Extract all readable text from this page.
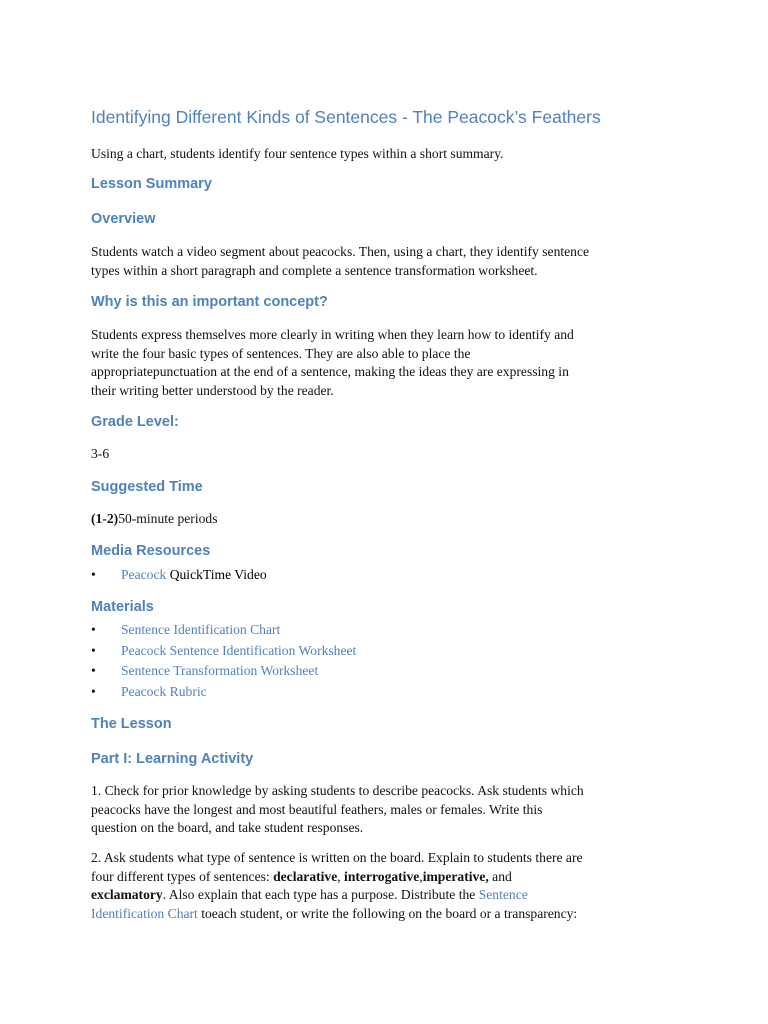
Identifying Different Kinds of Sentences - The Peacock’s Feathers
Using a chart, students identify four sentence types within a short summary.
Lesson Summary
Overview
Students watch a video segment about peacocks. Then, using a chart, they identify sentence
types within a short paragraph and complete a sentence transformation worksheet.
Why is this an important concept?
Students express themselves more clearly in writing when they learn how to identify and
write the four basic types of sentences. They are also able to place the
appropriatepunctuation at the end of a sentence, making the ideas they are expressing in
their writing better understood by the reader.
Grade Level:
3-6
Suggested Time
(1-2)50-minute periods
Media Resources
• Peacock QuickTime Video
Materials
• Sentence Identification Chart
• Peacock Sentence Identification Worksheet
• Sentence Transformation Worksheet
• Peacock Rubric
The Lesson
Part I: Learning Activity
1. Check for prior knowledge by asking students to describe peacocks. Ask students which
peacocks have the longest and most beautiful feathers, males or females. Write this
question on the board, and take student responses.
2. Ask students what type of sentence is written on the board. Explain to students there are
four different types of sentences: declarative, interrogative,imperative, and
exclamatory. Also explain that each type has a purpose. Distribute the Sentence
Identification Chart toeach student, or write the following on the board or a transparency:
